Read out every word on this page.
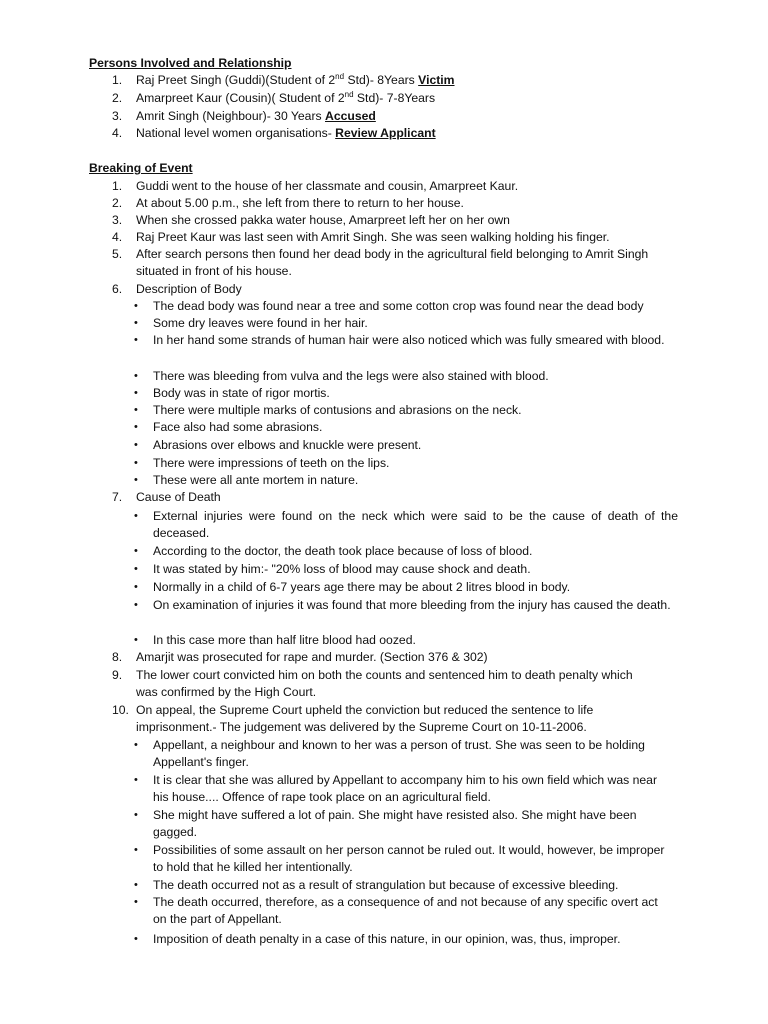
Persons Involved and Relationship
1.	Raj Preet Singh (Guddi)(Student of 2nd Std)- 8Years Victim
2.	Amarpreet Kaur (Cousin)( Student of 2nd Std)- 7-8Years
3.	Amrit Singh (Neighbour)- 30 Years Accused
4.	National level women organisations- Review Applicant
Breaking of Event
1.	Guddi went to the house of her classmate and cousin, Amarpreet Kaur.
2.	At about 5.00 p.m., she left from there to return to her house.
3.	When she crossed pakka water house, Amarpreet left her on her own
4.	Raj Preet Kaur was last seen with Amrit Singh. She was seen walking holding his finger.
5.	After search persons then found her dead body in the agricultural field belonging to Amrit Singh
situated in front of his house.
6.	Description of Body
• The dead body was found near a tree and some cotton crop was found near the dead body
• Some dry leaves were found in her hair.
• In her hand some strands of human hair were also noticed which was fully smeared with blood.
• There was bleeding from vulva and the legs were also stained with blood.
• Body was in state of rigor mortis.
• There were multiple marks of contusions and abrasions on the neck.
• Face also had some abrasions.
• Abrasions over elbows and knuckle were present.
• There were impressions of teeth on the lips.
• These were all ante mortem in nature.
7.	Cause of Death
• External injuries were found on the neck which were said to be the cause of death of the deceased.
• According to the doctor, the death took place because of loss of blood.
• It was stated by him:- "20% loss of blood may cause shock and death.
• Normally in a child of 6-7 years age there may be about 2 litres blood in body.
• On examination of injuries it was found that more bleeding from the injury has caused the death.
• In this case more than half litre blood had oozed.
8.	Amarjit was prosecuted for rape and murder. (Section 376 & 302)
9.	The lower court convicted him on both the counts and sentenced him to death penalty which
was confirmed by the High Court.
10. On appeal, the Supreme Court upheld the conviction but reduced the sentence to life
imprisonment.- The judgement was delivered by the Supreme Court on 10-11-2006.
• Appellant, a neighbour and known to her was a person of trust. She was seen to be holding Appellant's finger.
• It is clear that she was allured by Appellant to accompany him to his own field which was near his house.... Offence of rape took place on an agricultural field.
• She might have suffered a lot of pain. She might have resisted also. She might have been gagged.
• Possibilities of some assault on her person cannot be ruled out. It would, however, be improper to hold that he killed her intentionally.
• The death occurred not as a result of strangulation but because of excessive bleeding.
• The death occurred, therefore, as a consequence of and not because of any specific overt act on the part of Appellant.
• Imposition of death penalty in a case of this nature, in our opinion, was, thus, improper.
